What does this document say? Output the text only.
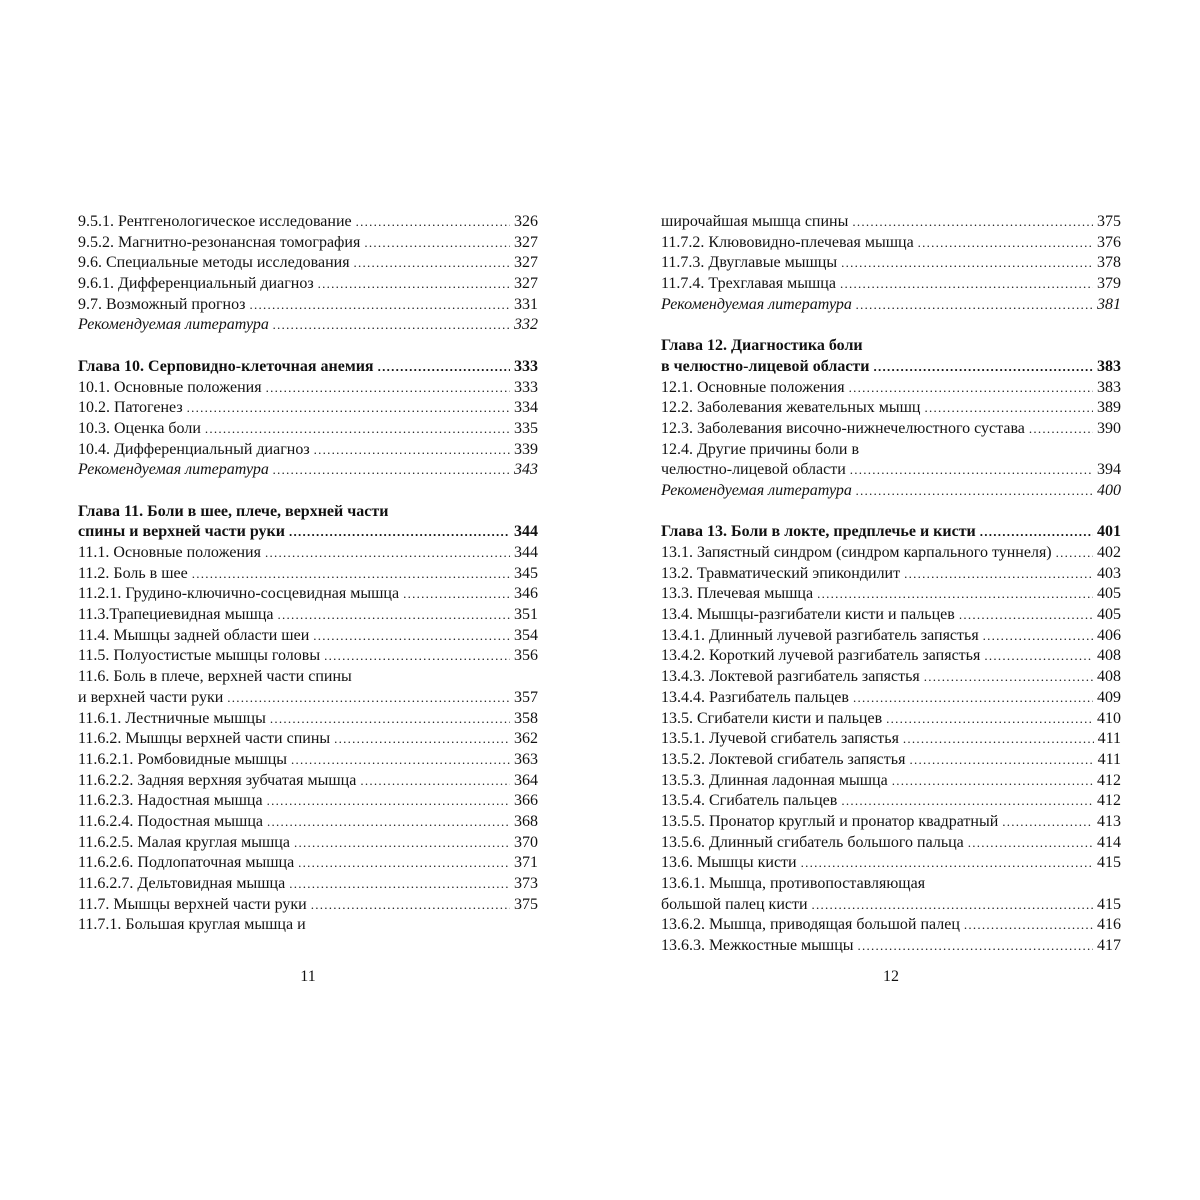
9.5.1. Рентгенологическое исследование . . .	326
9.5.2. Магнитно-резонансная томография . . .	327
9.6. Специальные методы исследования . . .	327
9.6.1. Дифференциальный диагноз . . .	327
9.7. Возможный прогноз . . .	331
Рекомендуемая литература . . .	332
Глава 10. Серповидно-клеточная анемия . . .	333
10.1. Основные положения . . .	333
10.2. Патогенез . . .	334
10.3. Оценка боли . . .	335
10.4. Дифференциальный диагноз . . .	339
Рекомендуемая литература . . .	343
Глава 11. Боли в шее, плече, верхней части
спины и верхней части руки . . .	344
11.1. Основные положения . . .	344
11.2. Боль в шее . . .	345
11.2.1. Грудино-ключично-сосцевидная мышца . . .	346
11.3.Трапециевидная мышца . . .	351
11.4. Мышцы задней области шеи . . .	354
11.5. Полуостистые мышцы головы . . .	356
11.6. Боль в плече, верхней части спины
и верхней части руки . . .	357
11.6.1. Лестничные мышцы . . .	358
11.6.2. Мышцы верхней части спины . . .	362
11.6.2.1. Ромбовидные мышцы . . .	363
11.6.2.2. Задняя верхняя зубчатая мышца . . .	364
11.6.2.3. Надостная мышца . . .	366
11.6.2.4. Подостная мышца . . .	368
11.6.2.5. Малая круглая мышца . . .	370
11.6.2.6. Подлопаточная мышца . . .	371
11.6.2.7. Дельтовидная мышца . . .	373
11.7. Мышцы верхней части руки . . .	375
11.7.1. Большая круглая мышца и
11
широчайшая мышца спины . . .	375
11.7.2. Клювовидно-плечевая мышца . . .	376
11.7.3. Двуглавые мышцы . . .	378
11.7.4. Трехглавая мышца . . .	379
Рекомендуемая литература . . .	381
Глава 12. Диагностика боли
в челюстно-лицевой области . . .	383
12.1. Основные положения . . .	383
12.2. Заболевания жевательных мышц . . .	389
12.3. Заболевания височно-нижнечелюстного сустава . . .	390
12.4. Другие причины боли в
челюстно-лицевой области . . .	394
Рекомендуемая литература . . .	400
Глава 13. Боли в локте, предплечье и кисти . . .	401
13.1. Запястный синдром (синдром карпального туннеля) . . .	402
13.2. Травматический эпикондилит . . .	403
13.3. Плечевая мышца . . .	405
13.4. Мышцы-разгибатели кисти и пальцев . . .	405
13.4.1. Длинный лучевой разгибатель запястья . . .	406
13.4.2. Короткий лучевой разгибатель запястья . . .	408
13.4.3. Локтевой разгибатель запястья . . .	408
13.4.4. Разгибатель пальцев . . .	409
13.5. Сгибатели кисти и пальцев . . .	410
13.5.1. Лучевой сгибатель запястья . . .	411
13.5.2. Локтевой сгибатель запястья . . .	411
13.5.3. Длинная ладонная мышца . . .	412
13.5.4. Сгибатель пальцев . . .	412
13.5.5. Пронатор круглый и пронатор квадратный . . .	413
13.5.6. Длинный сгибатель большого пальца . . .	414
13.6. Мышцы кисти . . .	415
13.6.1. Мышца, противопоставляющая
большой палец кисти . . .	415
13.6.2. Мышца, приводящая большой палец . . .	416
13.6.3. Межкостные мышцы . . .	417
12
